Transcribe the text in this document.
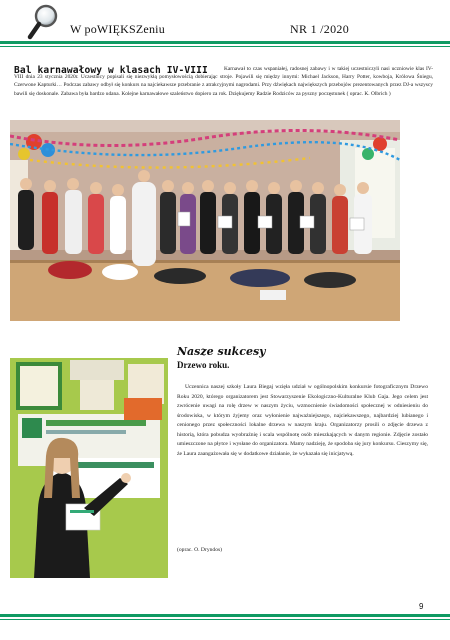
W poWIĘKSZeniu	NR 1 /2020
Bal karnawałowy w klasach IV-VIII	Karnawał to czas wspaniałej, radosnej zabawy i w takiej uczestniczyli nasi uczniowie klas IV-VIII dnia 23 stycznia 2020r. Uczestnicy popisali się niezwykłą pomysłowością dobierając stroje. Pojawili się między innymi: Michael Jackson, Harry Potter, kowboja, Królowa Śniegu, Czerwone Kapturki… Podczas zabawy odbył się konkurs na najciekawsze przebranie z atrakcyjnymi nagrodami. Przy dźwiękach największych przebojów prezentowanych przez DJ-a wszyscy bawili się doskonale. Zabawa była bardzo udana. Kolejne karnawałowe szaleństwo dopiero za rok. Dziękujemy Radzie Rodziców za pyszny poczęstunek ( oprac. K. Olbrich )
Nasze sukcesy
Drzewo roku.
Uczennica naszej szkoły Laura Biegaj wzięła udział w ogólnopolskim konkursie fotograficznym Drzewo Roku 2020, którego organizatorem jest Stowarzyszenie Ekologiczno-Kulturalne Klub Gaja. Jego celem jest zwrócenie uwagi na rolę drzew w naszym życiu, wzmocnienie świadomości społecznej w odniesieniu do środowiska, w którym żyjemy oraz wyłonienie najważniejszego, najciekawszego, najbardziej lubianego i cenionego przez społeczności lokalne drzewa w naszym kraju. Organizatorzy prosili o zdjęcie drzewa z historią, która pobudza wyobraźnię i scala wspólnotę osób mieszkających w danym regionie. Zdjęcie zostało umieszczone na płytce i wysłane do organizatora. Mamy nadzieję, że spodoba się jury konkursu. Cieszymy się, że Laura zaangażowała się w dodatkowe działanie, że wykazała się inicjatywą.
(oprac. O. Dryndos)
9
